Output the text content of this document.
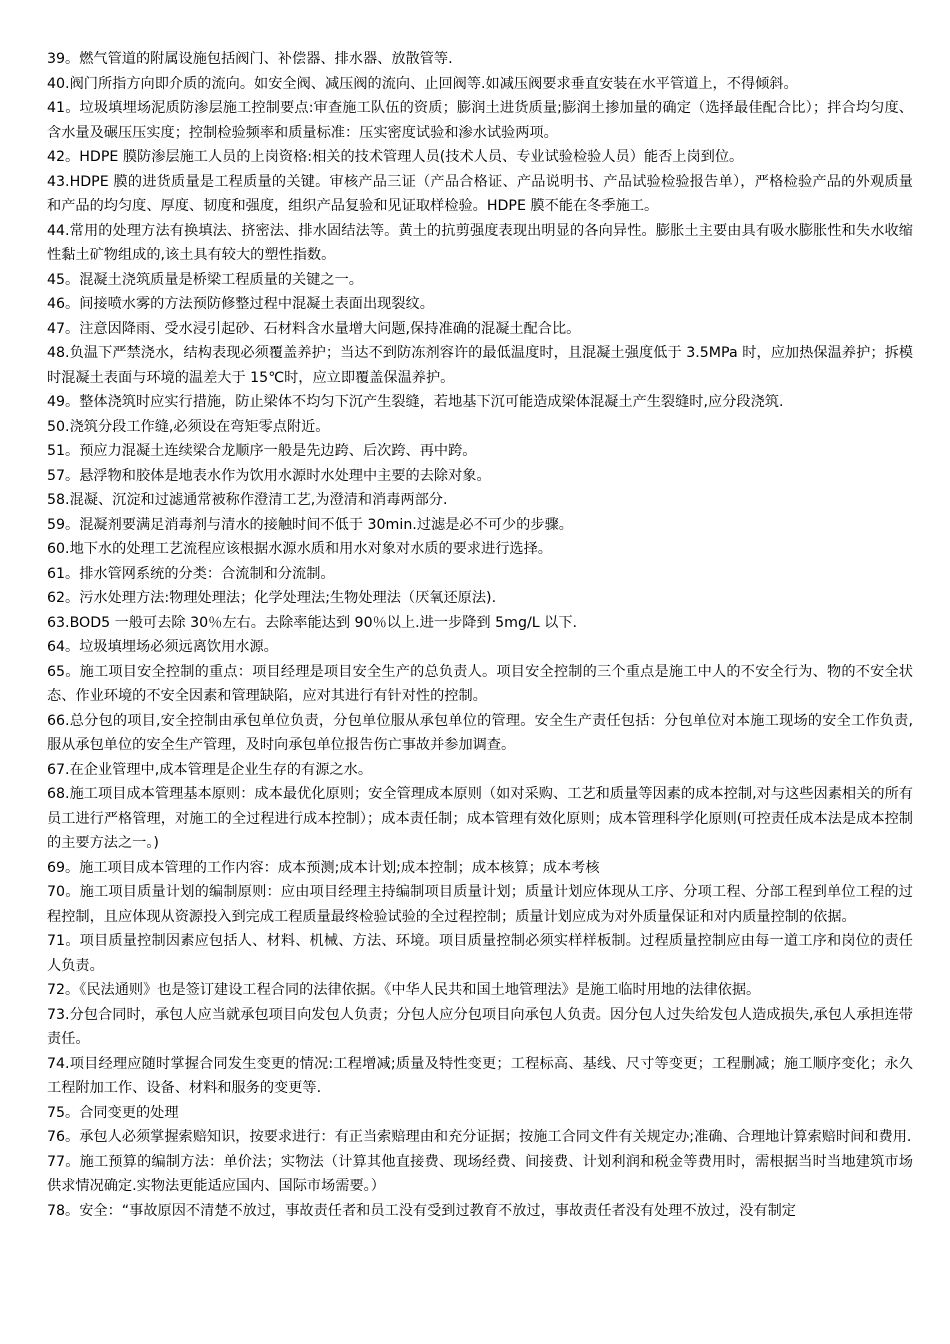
39。燃气管道的附属设施包括阀门、补偿器、排水器、放散管等.

40.阀门所指方向即介质的流向。如安全阀、减压阀的流向、止回阀等.如减压阀要求垂直安装在水平管道上，不得倾斜。

41。垃圾填埋场泥质防渗层施工控制要点:审查施工队伍的资质；膨润土进货质量;膨润土掺加量的确定（选择最佳配合比）；拌合均匀度、含水量及碾压压实度；控制检验频率和质量标准：压实密度试验和渗水试验两项。

42。HDPE 膜防渗层施工人员的上岗资格:相关的技术管理人员(技术人员、专业试验检验人员）能否上岗到位。

43.HDPE 膜的进货质量是工程质量的关键。审核产品三证（产品合格证、产品说明书、产品试验检验报告单），严格检验产品的外观质量和产品的均匀度、厚度、韧度和强度，组织产品复验和见证取样检验。HDPE 膜不能在冬季施工。

44.常用的处理方法有换填法、挤密法、排水固结法等。黄土的抗剪强度表现出明显的各向异性。膨胀土主要由具有吸水膨胀性和失水收缩性黏土矿物组成的,该土具有较大的塑性指数。

45。混凝土浇筑质量是桥梁工程质量的关键之一。

46。间接喷水雾的方法预防修整过程中混凝土表面出现裂纹。

47。注意因降雨、受水浸引起砂、石材料含水量增大问题,保持准确的混凝土配合比。

48.负温下严禁浇水，结构表现必须覆盖养护；当达不到防冻剂容许的最低温度时，且混凝土强度低于 3.5MPa 时，应加热保温养护；拆模时混凝土表面与环境的温差大于 15℃时，应立即覆盖保温养护。

49。整体浇筑时应实行措施，防止梁体不均匀下沉产生裂缝，若地基下沉可能造成梁体混凝土产生裂缝时,应分段浇筑.

50.浇筑分段工作缝,必须设在弯矩零点附近。

51。预应力混凝土连续梁合龙顺序一般是先边跨、后次跨、再中跨。

57。悬浮物和胶体是地表水作为饮用水源时水处理中主要的去除对象。

58.混凝、沉淀和过滤通常被称作澄清工艺,为澄清和消毒两部分.

59。混凝剂要满足消毒剂与清水的接触时间不低于 30min.过滤是必不可少的步骤。

60.地下水的处理工艺流程应该根据水源水质和用水对象对水质的要求进行选择。

61。排水管网系统的分类：合流制和分流制。

62。污水处理方法:物理处理法；化学处理法;生物处理法（厌氧还原法).

63.BOD5 一般可去除 30％左右。去除率能达到 90％以上.进一步降到 5mg/L 以下.

64。垃圾填埋场必须远离饮用水源。

65。施工项目安全控制的重点：项目经理是项目安全生产的总负责人。项目安全控制的三个重点是施工中人的不安全行为、物的不安全状态、作业环境的不安全因素和管理缺陷，应对其进行有针对性的控制。

66.总分包的项目,安全控制由承包单位负责，分包单位服从承包单位的管理。安全生产责任包括：分包单位对本施工现场的安全工作负责,服从承包单位的安全生产管理，及时向承包单位报告伤亡事故并参加调查。

67.在企业管理中,成本管理是企业生存的有源之水。

68.施工项目成本管理基本原则：成本最优化原则；安全管理成本原则（如对采购、工艺和质量等因素的成本控制,对与这些因素相关的所有员工进行严格管理，对施工的全过程进行成本控制）；成本责任制；成本管理有效化原则；成本管理科学化原则(可控责任成本法是成本控制的主要方法之一。)

69。施工项目成本管理的工作内容：成本预测;成本计划;成本控制；成本核算；成本考核

70。施工项目质量计划的编制原则：应由项目经理主持编制项目质量计划；质量计划应体现从工序、分项工程、分部工程到单位工程的过程控制，且应体现从资源投入到完成工程质量最终检验试验的全过程控制；质量计划应成为对外质量保证和对内质量控制的依据。

71。项目质量控制因素应包括人、材料、机械、方法、环境。项目质量控制必须实样样板制。过程质量控制应由每一道工序和岗位的责任人负责。

72。《民法通则》也是签订建设工程合同的法律依据。《中华人民共和国土地管理法》是施工临时用地的法律依据。

73.分包合同时，承包人应当就承包项目向发包人负责；分包人应分包项目向承包人负责。因分包人过失给发包人造成损失,承包人承担连带责任。

74.项目经理应随时掌握合同发生变更的情况:工程增减;质量及特性变更；工程标高、基线、尺寸等变更；工程删减；施工顺序变化；永久工程附加工作、设备、材料和服务的变更等.

75。合同变更的处理

76。承包人必须掌握索赔知识，按要求进行：有正当索赔理由和充分证据；按施工合同文件有关规定办;准确、合理地计算索赔时间和费用.

77。施工预算的编制方法：单价法；实物法（计算其他直接费、现场经费、间接费、计划利润和税金等费用时，需根据当时当地建筑市场供求情况确定.实物法更能适应国内、国际市场需要。）

78。安全：“事故原因不清楚不放过，事故责任者和员工没有受到过教育不放过，事故责任者没有处理不放过，没有制定
